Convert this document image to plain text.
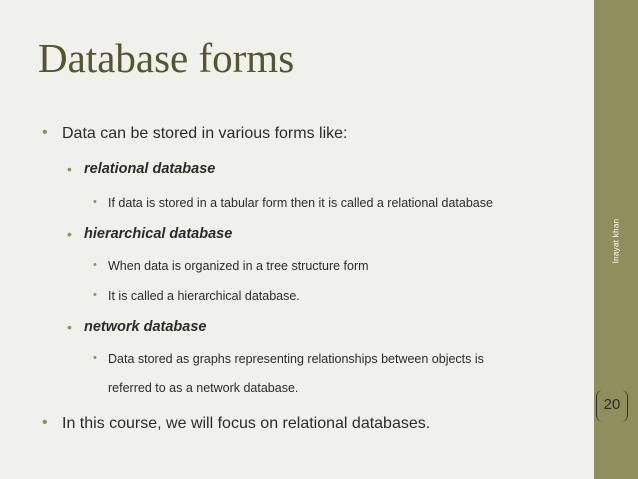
Inayat khan
20
Database forms
• Data can be stored in various forms like:
• relational database
• If data is stored in a tabular form then it is called a relational database
• hierarchical database
• When data is organized in a tree structure form
• It is called a hierarchical database.
• network database
• Data stored as graphs representing relationships between objects is
referred to as a network database.
• In this course, we will focus on relational databases.
